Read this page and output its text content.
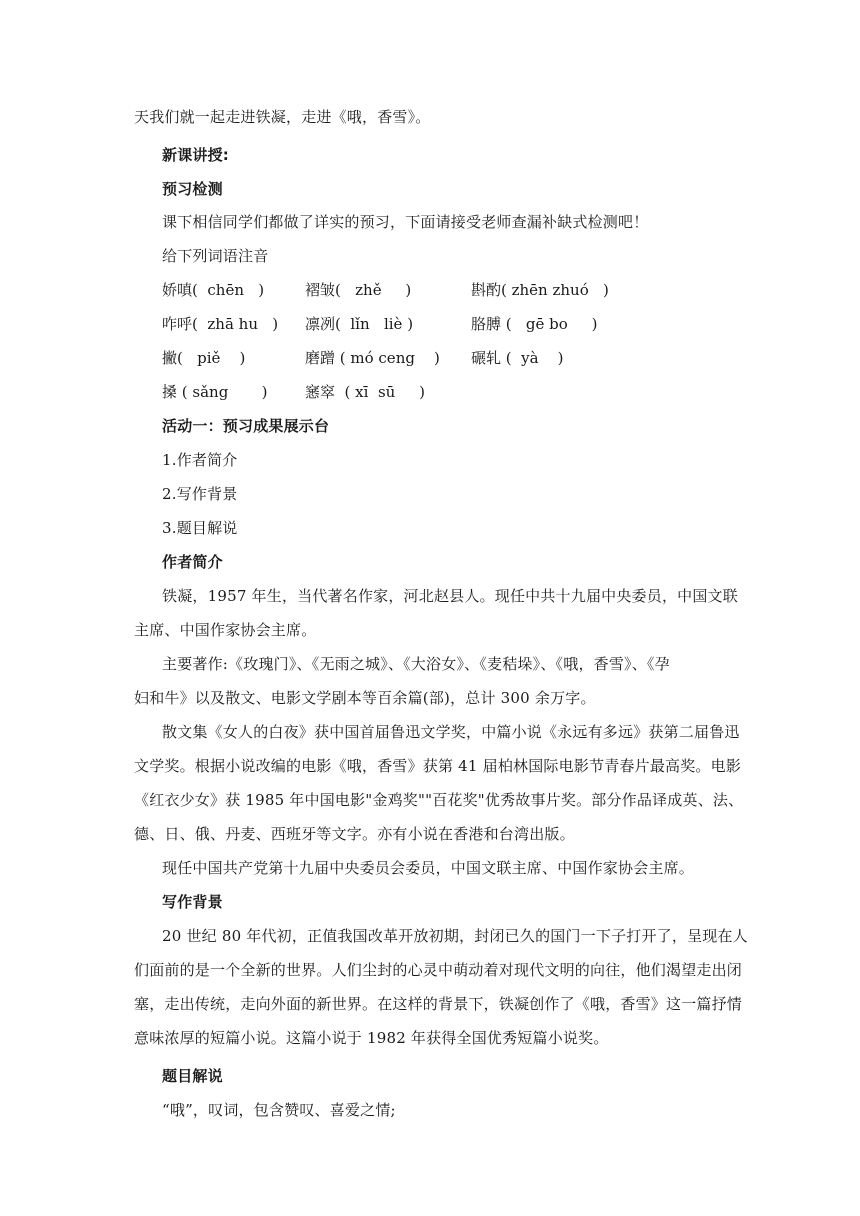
天我们就一起走进铁凝，走进《哦，香雪》。
新课讲授:
预习检测
课下相信同学们都做了详实的预习，下面请接受老师查漏补缺式检测吧！
给下列词语注音
娇嗔(  chēn   )	褶皱(   zhě     )	斟酌( zhēn zhuó   )
咋呼(  zhā hu   ) 凛冽(  lǐn   liè )	胳膊 (   gē bo     )
撇(   piě    )	磨蹭 ( mó ceng    ) 碾轧 (  yà    )
搡 ( sǎng       ) 窸窣  ( xī  sū     )
活动一：预习成果展示台
1.作者简介
2.写作背景
3.题目解说
作者简介
铁凝，1957 年生，当代著名作家，河北赵县人。现任中共十九届中央委员，中国文联
主席、中国作家协会主席。
主要著作:《玫瑰门》、《无雨之城》、《大浴女》、《麦秸垛》、《哦，香雪》、《孕
妇和牛》以及散文、电影文学剧本等百余篇(部)，总计 300 余万字。
散文集《女人的白夜》获中国首届鲁迅文学奖，中篇小说《永远有多远》获第二届鲁迅
文学奖。根据小说改编的电影《哦，香雪》获第 41 届柏林国际电影节青春片最高奖。电影
《红衣少女》获 1985 年中国电影"金鸡奖""百花奖"优秀故事片奖。部分作品译成英、法、
德、日、俄、丹麦、西班牙等文字。亦有小说在香港和台湾出版。
现任中国共产党第十九届中央委员会委员，中国文联主席、中国作家协会主席。
写作背景
20 世纪 80 年代初，正值我国改革开放初期，封闭已久的国门一下子打开了，呈现在人
们面前的是一个全新的世界。人们尘封的心灵中萌动着对现代文明的向往，他们渴望走出闭
塞，走出传统，走向外面的新世界。在这样的背景下，铁凝创作了《哦，香雪》这一篇抒情
意味浓厚的短篇小说。这篇小说于 1982 年获得全国优秀短篇小说奖。
题目解说
“哦”，叹词，包含赞叹、喜爱之情;
